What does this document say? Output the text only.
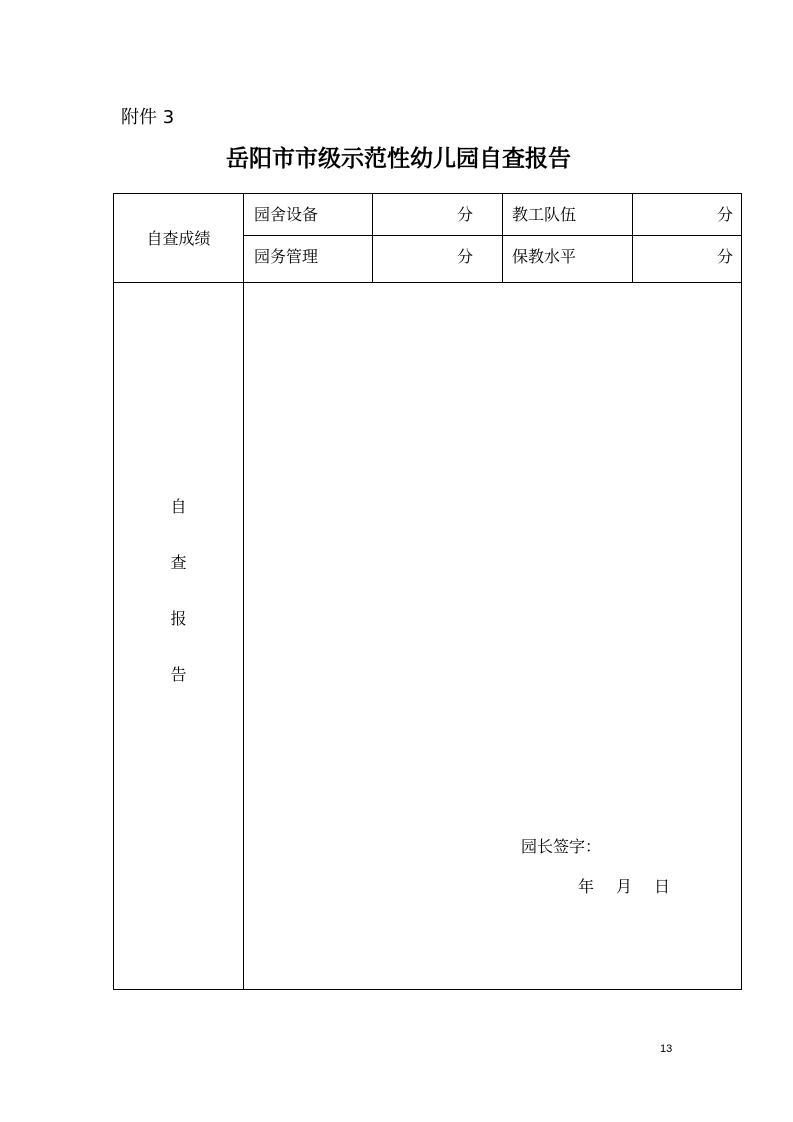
附件 3
岳阳市市级示范性幼儿园自查报告
自查成绩
园舍设备	分 教工队伍	分
园务管理	分 保教水平	分
自
查
报
告
园长签字：
年 月 日
13
